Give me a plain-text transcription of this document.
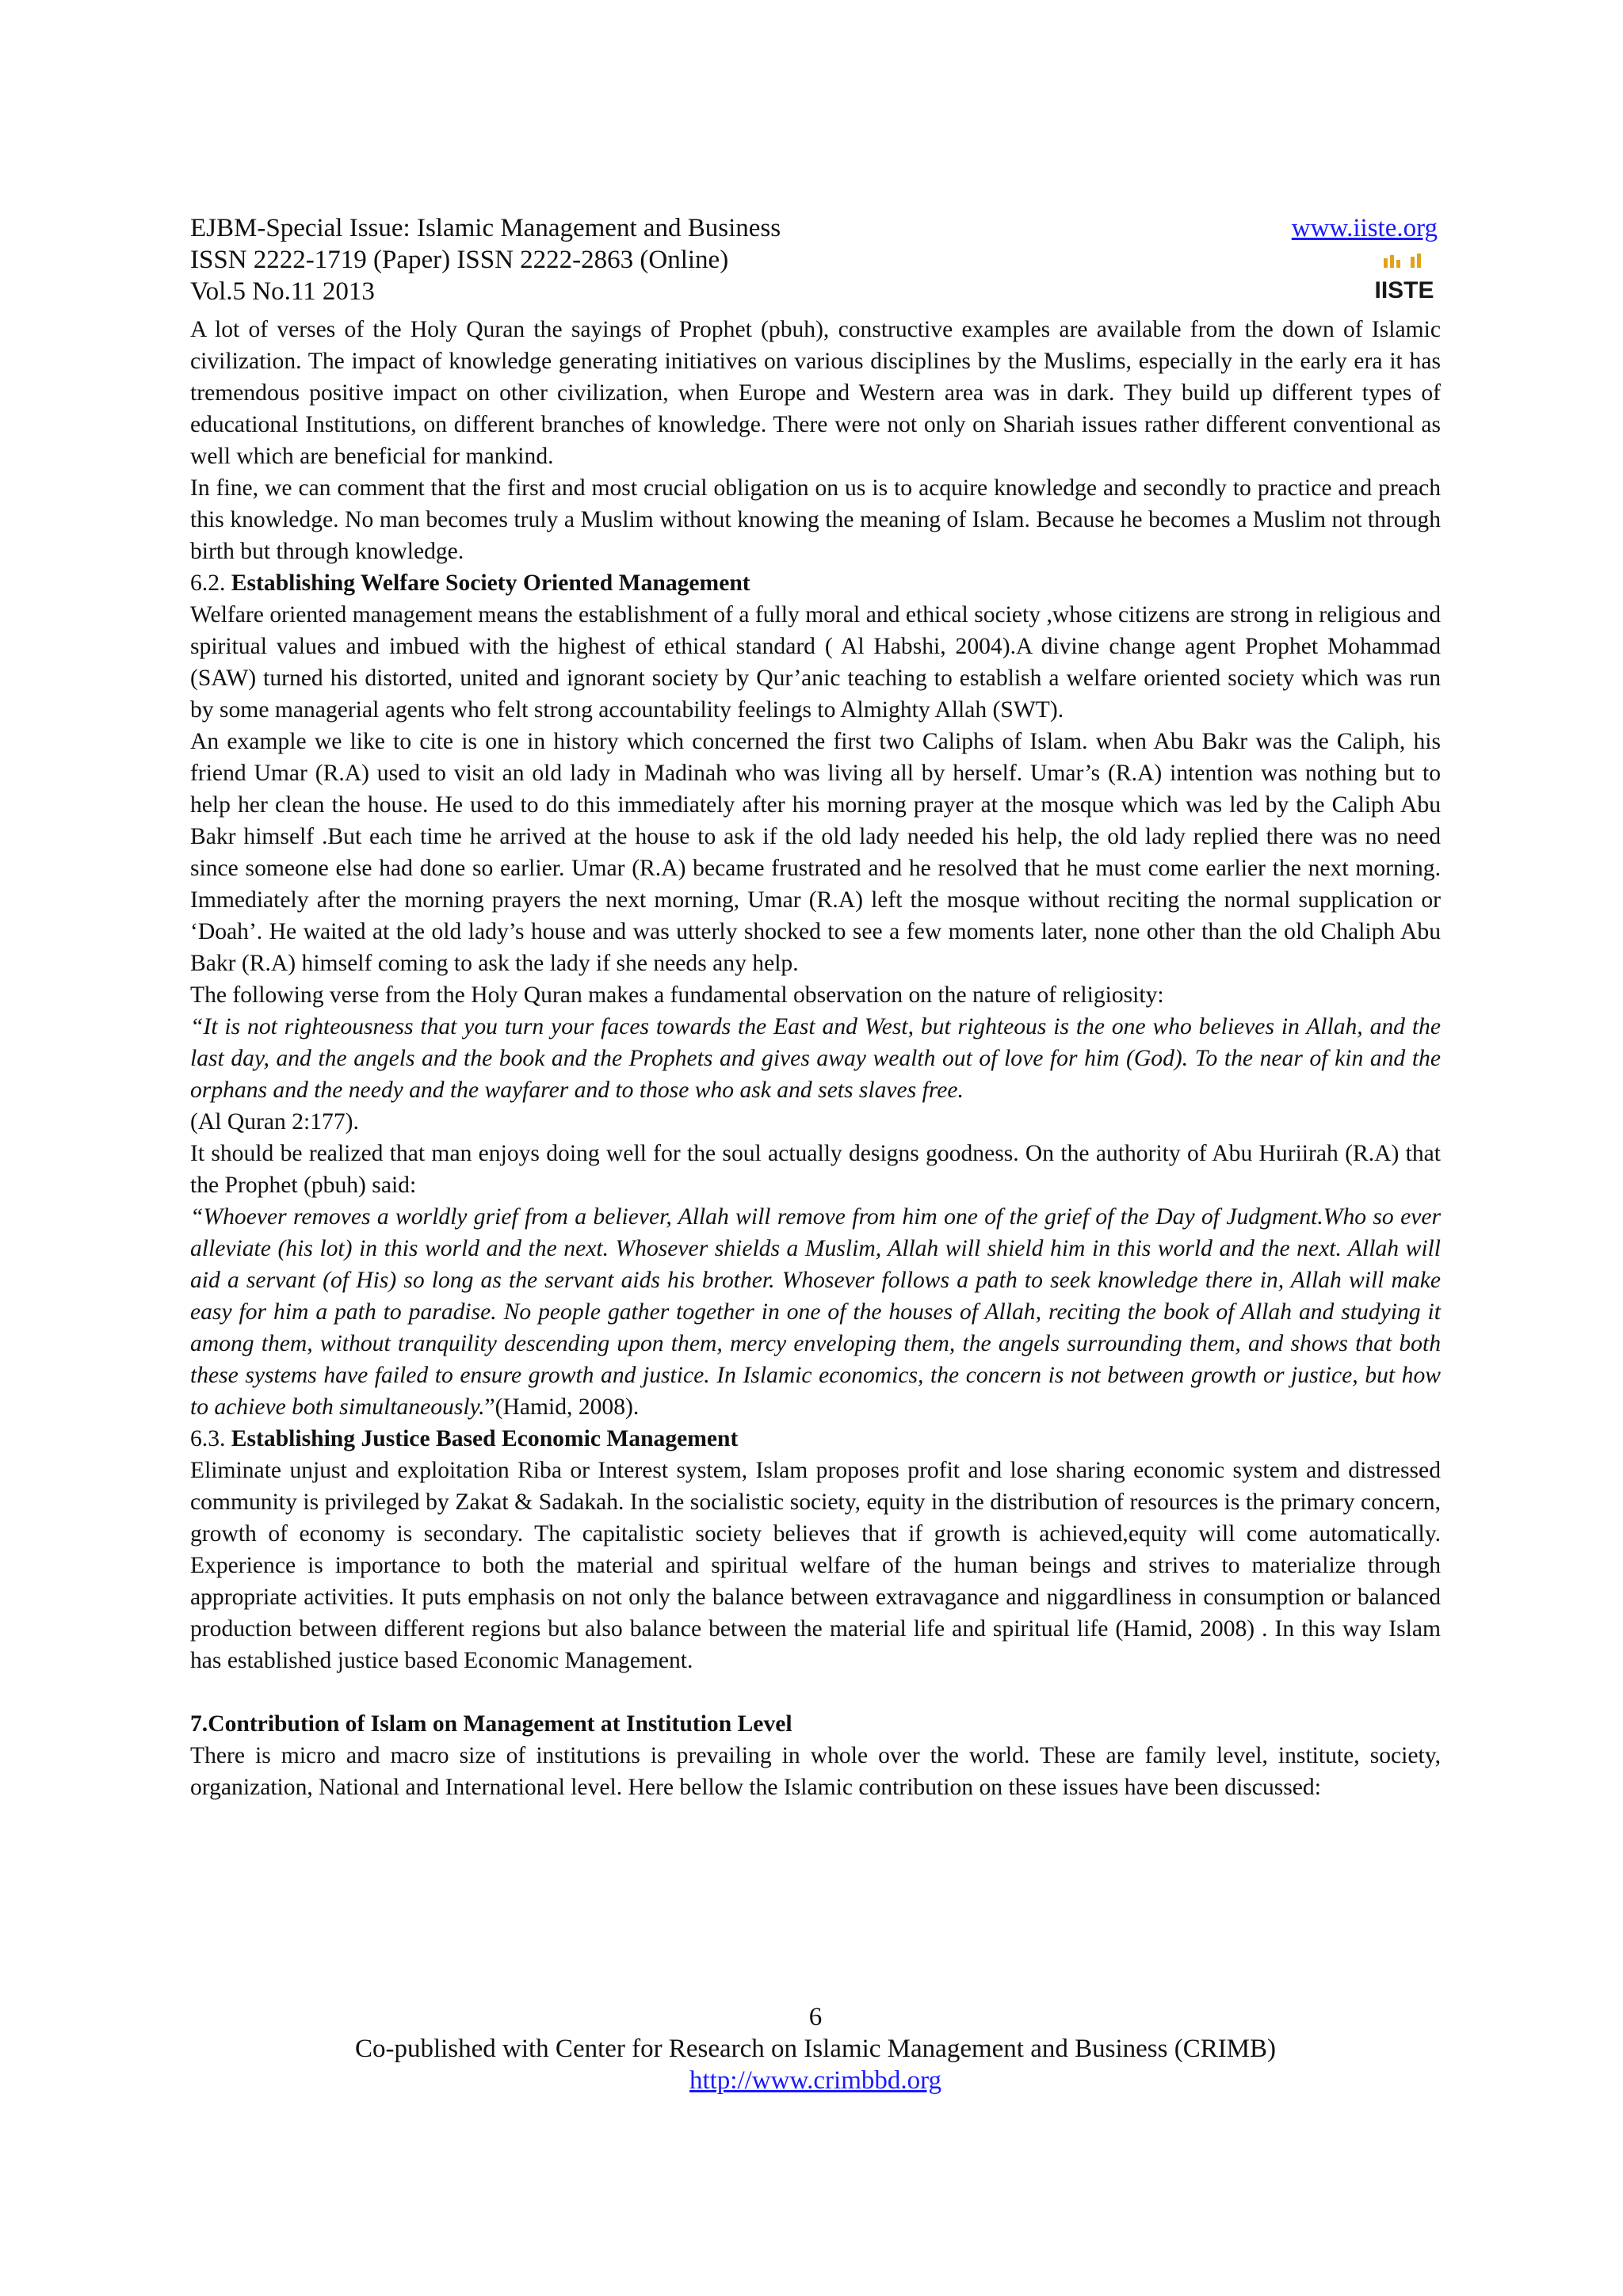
EJBM-Special Issue: Islamic Management and Business
ISSN 2222-1719 (Paper) ISSN 2222-2863 (Online)
Vol.5 No.11 2013
www.iiste.org
IISTE

A lot of verses of the Holy Quran the sayings of Prophet (pbuh), constructive examples are available from the down of Islamic civilization. The impact of knowledge generating initiatives on various disciplines by the Muslims, especially in the early era it has tremendous positive impact on other civilization, when Europe and Western area was in dark. They build up different types of educational Institutions, on different branches of knowledge. There were not only on Shariah issues rather different conventional as well which are beneficial for mankind.

In fine, we can comment that the first and most crucial obligation on us is to acquire knowledge and secondly to practice and preach this knowledge. No man becomes truly a Muslim without knowing the meaning of Islam. Because he becomes a Muslim not through birth but through knowledge.

6.2. Establishing Welfare Society Oriented Management

Welfare oriented management means the establishment of a fully moral and ethical society ,whose citizens are strong in religious and spiritual values and imbued with the highest of ethical standard ( Al Habshi, 2004).A divine change agent Prophet Mohammad (SAW) turned his distorted, united and ignorant society by Qur’anic teaching to establish a welfare oriented society which was run by some managerial agents who felt strong accountability feelings to Almighty Allah (SWT).

An example we like to cite is one in history which concerned the first two Caliphs of Islam. when Abu Bakr was the Caliph, his friend Umar (R.A) used to visit an old lady in Madinah who was living all by herself. Umar’s (R.A) intention was nothing but to help her clean the house. He used to do this immediately after his morning prayer at the mosque which was led by the Caliph Abu Bakr himself .But each time he arrived at the house to ask if the old lady needed his help, the old lady replied there was no need since someone else had done so earlier. Umar (R.A) became frustrated and he resolved that he must come earlier the next morning. Immediately after the morning prayers the next morning, Umar (R.A) left the mosque without reciting the normal supplication or ‘Doah’. He waited at the old lady’s house and was utterly shocked to see a few moments later, none other than the old Chaliph Abu Bakr (R.A) himself coming to ask the lady if she needs any help.

The following verse from the Holy Quran makes a fundamental observation on the nature of religiosity:

“It is not righteousness that you turn your faces towards the East and West, but righteous is the one who believes in Allah, and the last day, and the angels and the book and the Prophets and gives away wealth out of love for him (God). To the near of kin and the orphans and the needy and the wayfarer and to those who ask and sets slaves free.
(Al Quran 2:177).

It should be realized that man enjoys doing well for the soul actually designs goodness. On the authority of Abu Huriirah (R.A) that the Prophet (pbuh) said:

“Whoever removes a worldly grief from a believer, Allah will remove from him one of the grief of the Day of Judgment.Who so ever alleviate (his lot) in this world and the next. Whosever shields a Muslim, Allah will shield him in this world and the next. Allah will aid a servant (of His) so long as the servant aids his brother. Whosever follows a path to seek knowledge there in, Allah will make easy for him a path to paradise. No people gather together in one of the houses of Allah, reciting the book of Allah and studying it among them, without tranquility descending upon them, mercy enveloping them, the angels surrounding them, and shows that both these systems have failed to ensure growth and justice. In Islamic economics, the concern is not between growth or justice, but how to achieve both simultaneously.”(Hamid, 2008).

6.3. Establishing Justice Based Economic Management

Eliminate unjust and exploitation Riba or Interest system, Islam proposes profit and lose sharing economic system and distressed community is privileged by Zakat & Sadakah. In the socialistic society, equity in the distribution of resources is the primary concern, growth of economy is secondary. The capitalistic society believes that if growth is achieved,equity will come automatically. Experience is importance to both the material and spiritual welfare of the human beings and strives to materialize through appropriate activities. It puts emphasis on not only the balance between extravagance and niggardliness in consumption or balanced production between different regions but also balance between the material life and spiritual life (Hamid, 2008) . In this way Islam has established justice based Economic Management.

7.Contribution of Islam on Management at Institution Level

There is micro and macro size of institutions is prevailing in whole over the world. These are family level, institute, society, organization, National and International level. Here bellow the Islamic contribution on these issues have been discussed:

6
Co-published with Center for Research on Islamic Management and Business (CRIMB)
http://www.crimbbd.org
